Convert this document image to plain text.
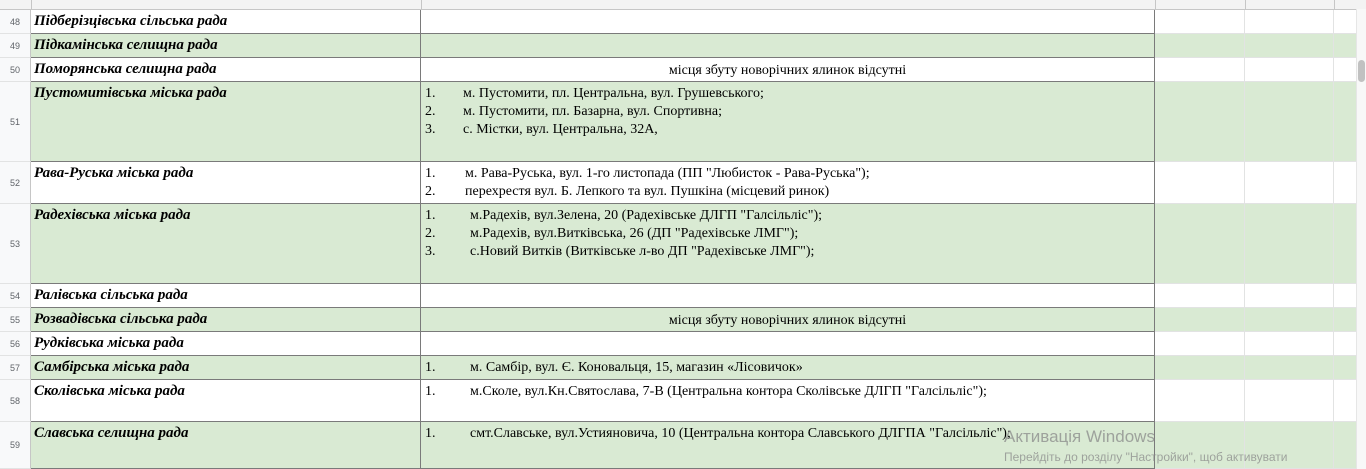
48 Підберізцівська сільська рада
49 Підкамінська селищна рада
50 Поморянська селищна рада	місця збуту новорічних ялинок відсутні
51
Пустомитівська міська рада	1. м. Пустомити, пл. Центральна, вул. Грушевського;
2. м. Пустомити, пл. Базарна, вул. Спортивна;
3. с. Містки, вул. Центральна, 32А,
52
Рава-Руська міська рада	1. м. Рава-Руська, вул. 1-го листопада (ПП "Любисток - Рава-Руська");
2. перехрестя вул. Б. Лепкого та вул. Пушкіна (місцевий ринок)
53
Радехівська міська рада	1. м.Радехів, вул.Зелена, 20 (Радехівське ДЛГП "Галсільліс");
2. м.Радехів, вул.Витківська, 26 (ДП "Радехівське ЛМГ");
3. с.Новий Витків (Витківське л-во ДП "Радехівське ЛМГ");
54 Ралівська сільська рада
55 Розвадівська сільська рада	місця збуту новорічних ялинок відсутні
56 Рудківська міська рада
57 Самбірська міська рада	1. м. Самбір, вул. Є. Коновальця, 15, магазин «Лісовичок»
58
Сколівська міська рада	1. м.Сколе, вул.Кн.Святослава, 7-В (Центральна контора Сколівське ДЛГП "Галсільліс");
59
Славська селищна рада	1. смт.Славське, вул.Устияновича, 10 (Центральна контора Славського ДЛГПА "Галсільліс");
Активація Windows
Перейдіть до розділу "Настройки", щоб активувати
